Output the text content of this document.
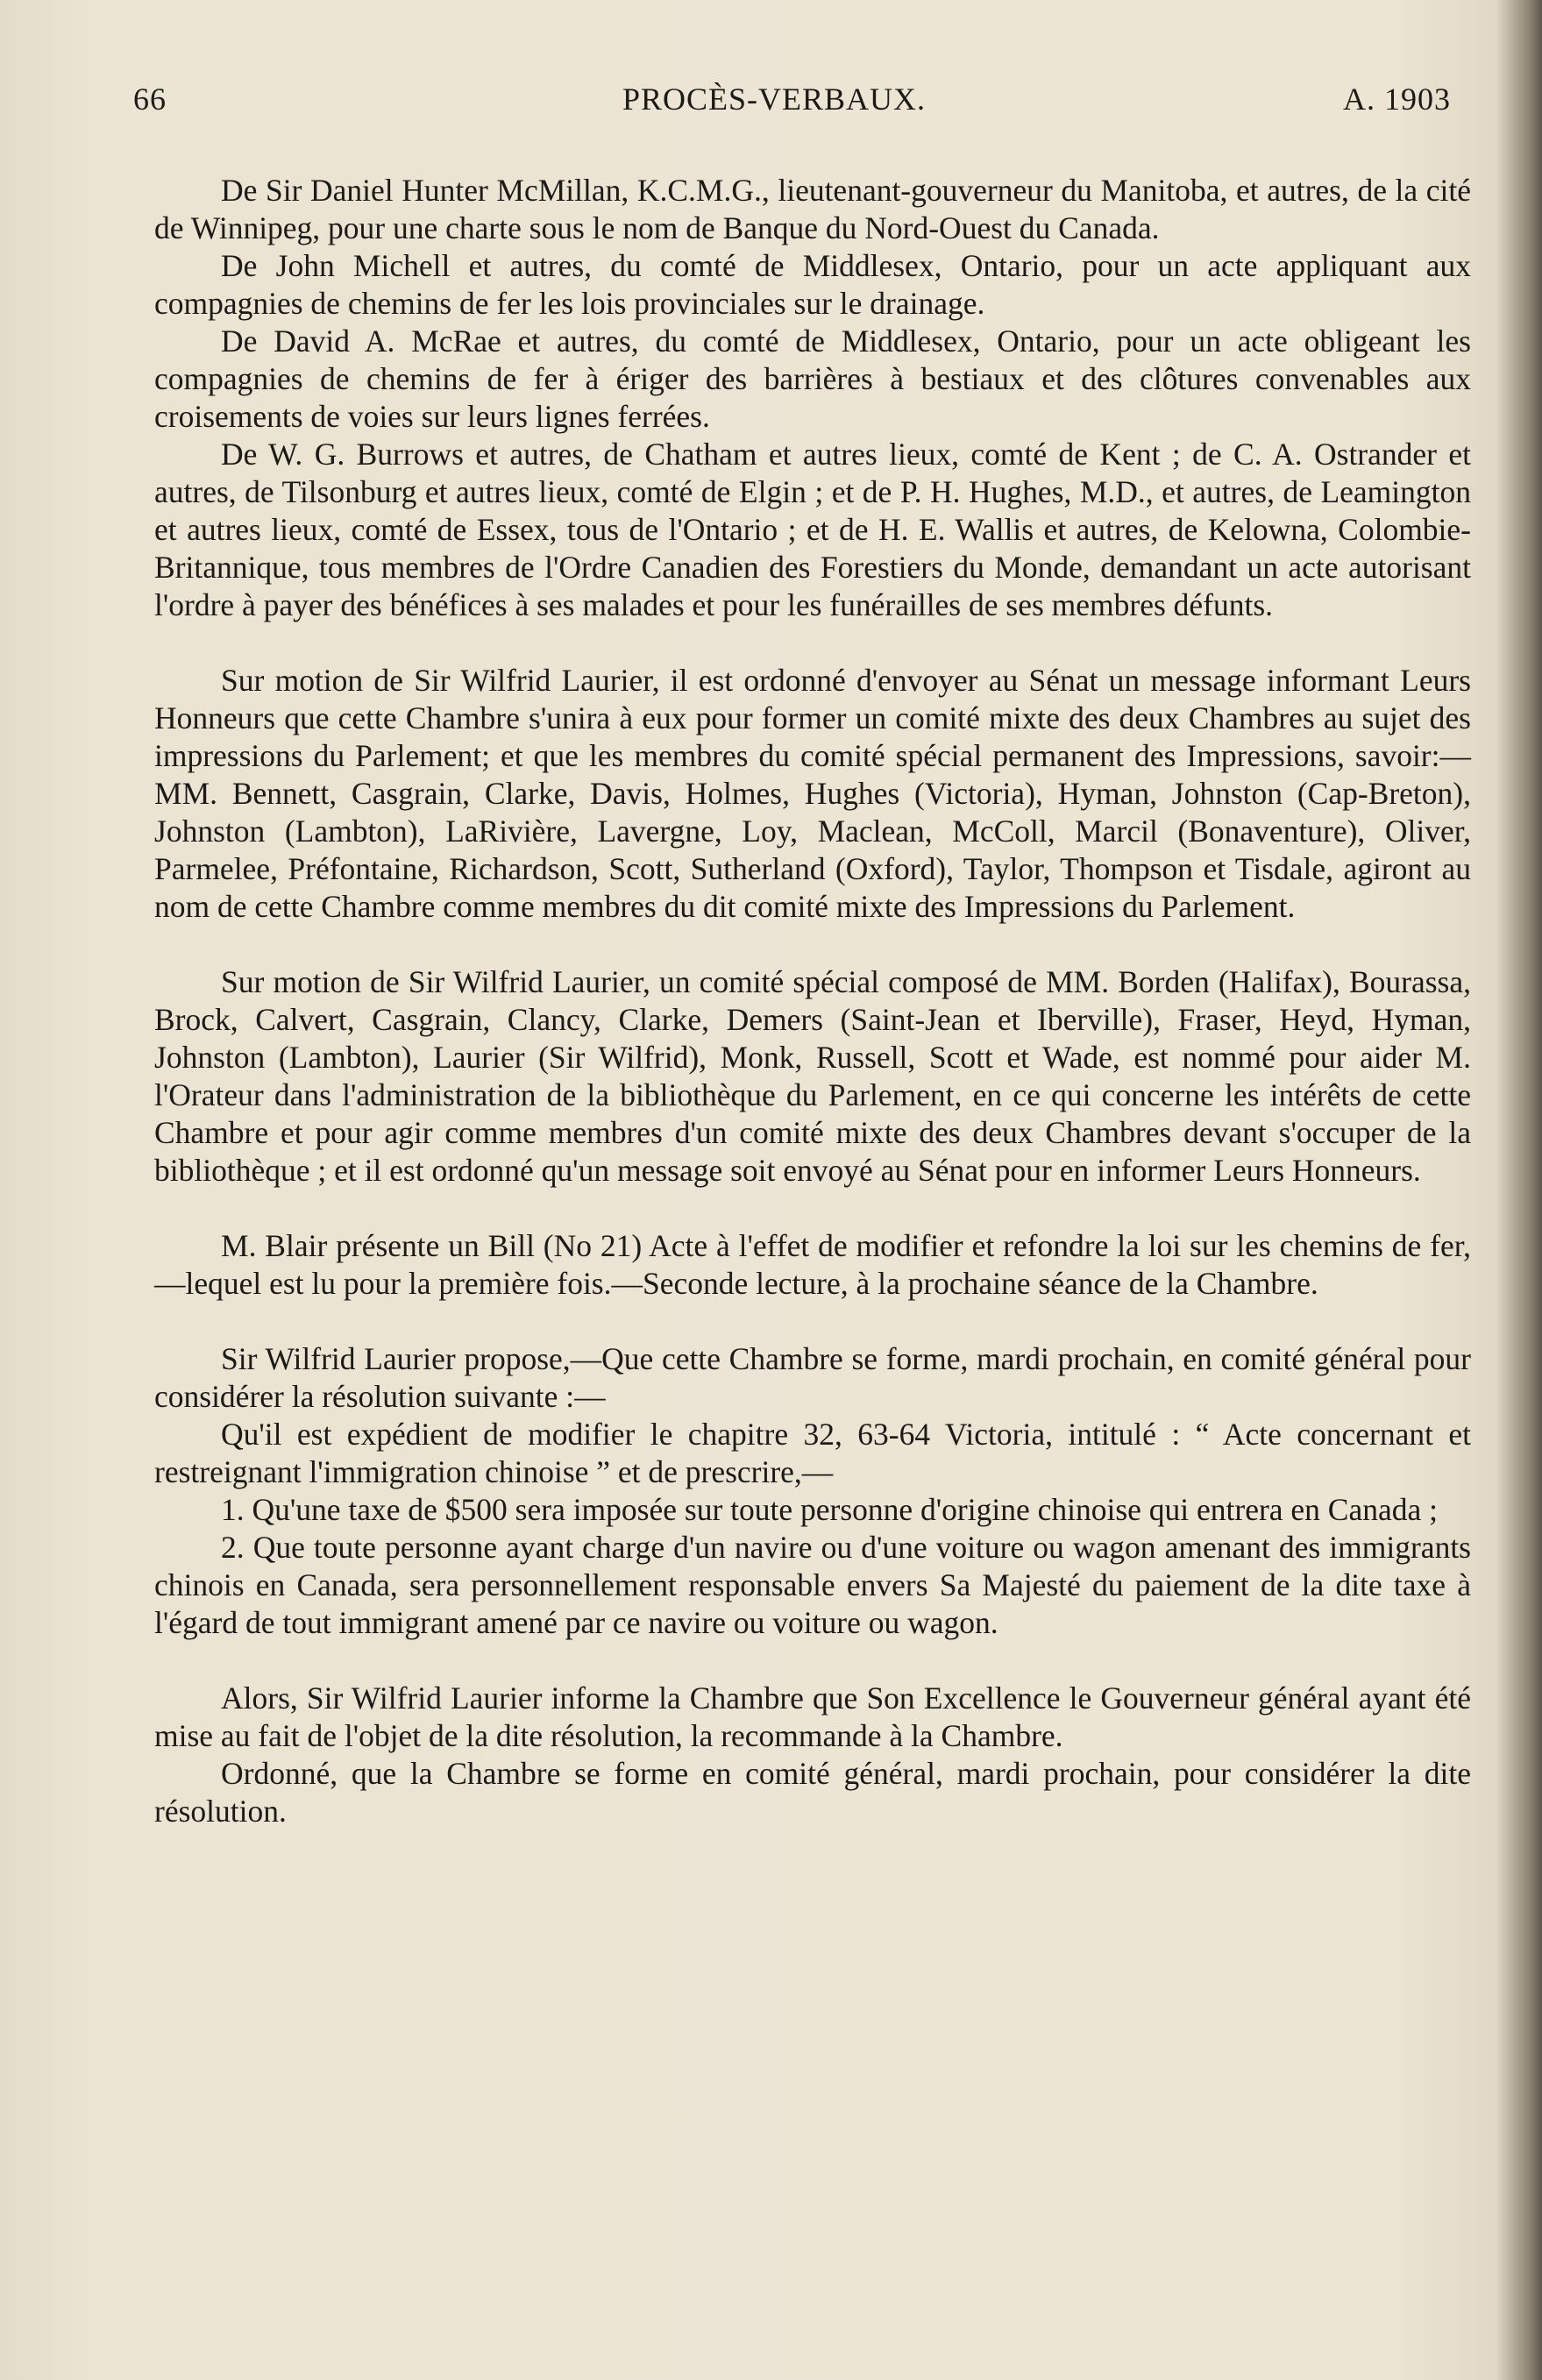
66	PROCÈS-VERBAUX.	A. 1903

De Sir Daniel Hunter McMillan, K.C.M.G., lieutenant-gouverneur du Manitoba, et autres, de la cité de Winnipeg, pour une charte sous le nom de Banque du Nord-Ouest du Canada.

De John Michell et autres, du comté de Middlesex, Ontario, pour un acte appliquant aux compagnies de chemins de fer les lois provinciales sur le drainage.

De David A. McRae et autres, du comté de Middlesex, Ontario, pour un acte obligeant les compagnies de chemins de fer à ériger des barrières à bestiaux et des clôtures convenables aux croisements de voies sur leurs lignes ferrées.

De W. G. Burrows et autres, de Chatham et autres lieux, comté de Kent ; de C. A. Ostrander et autres, de Tilsonburg et autres lieux, comté de Elgin ; et de P. H. Hughes, M.D., et autres, de Leamington et autres lieux, comté de Essex, tous de l'Ontario ; et de H. E. Wallis et autres, de Kelowna, Colombie-Britannique, tous membres de l'Ordre Canadien des Forestiers du Monde, demandant un acte autorisant l'ordre à payer des bénéfices à ses malades et pour les funérailles de ses membres défunts.

Sur motion de Sir Wilfrid Laurier, il est ordonné d'envoyer au Sénat un message informant Leurs Honneurs que cette Chambre s'unira à eux pour former un comité mixte des deux Chambres au sujet des impressions du Parlement; et que les membres du comité spécial permanent des Impressions, savoir:—MM. Bennett, Casgrain, Clarke, Davis, Holmes, Hughes (Victoria), Hyman, Johnston (Cap-Breton), Johnston (Lambton), LaRivière, Lavergne, Loy, Maclean, McColl, Marcil (Bonaventure), Oliver, Parmelee, Préfontaine, Richardson, Scott, Sutherland (Oxford), Taylor, Thompson et Tisdale, agiront au nom de cette Chambre comme membres du dit comité mixte des Impressions du Parlement.

Sur motion de Sir Wilfrid Laurier, un comité spécial composé de MM. Borden (Halifax), Bourassa, Brock, Calvert, Casgrain, Clancy, Clarke, Demers (Saint-Jean et Iberville), Fraser, Heyd, Hyman, Johnston (Lambton), Laurier (Sir Wilfrid), Monk, Russell, Scott et Wade, est nommé pour aider M. l'Orateur dans l'administration de la bibliothèque du Parlement, en ce qui concerne les intérêts de cette Chambre et pour agir comme membres d'un comité mixte des deux Chambres devant s'occuper de la bibliothèque ; et il est ordonné qu'un message soit envoyé au Sénat pour en informer Leurs Honneurs.

M. Blair présente un Bill (No 21) Acte à l'effet de modifier et refondre la loi sur les chemins de fer,—lequel est lu pour la première fois.—Seconde lecture, à la prochaine séance de la Chambre.

Sir Wilfrid Laurier propose,—Que cette Chambre se forme, mardi prochain, en comité général pour considérer la résolution suivante :—

Qu'il est expédient de modifier le chapitre 32, 63-64 Victoria, intitulé : “ Acte concernant et restreignant l'immigration chinoise ” et de prescrire,—

1. Qu'une taxe de $500 sera imposée sur toute personne d'origine chinoise qui entrera en Canada ;

2. Que toute personne ayant charge d'un navire ou d'une voiture ou wagon amenant des immigrants chinois en Canada, sera personnellement responsable envers Sa Majesté du paiement de la dite taxe à l'égard de tout immigrant amené par ce navire ou voiture ou wagon.

Alors, Sir Wilfrid Laurier informe la Chambre que Son Excellence le Gouverneur général ayant été mise au fait de l'objet de la dite résolution, la recommande à la Chambre.

Ordonné, que la Chambre se forme en comité général, mardi prochain, pour considérer la dite résolution.
